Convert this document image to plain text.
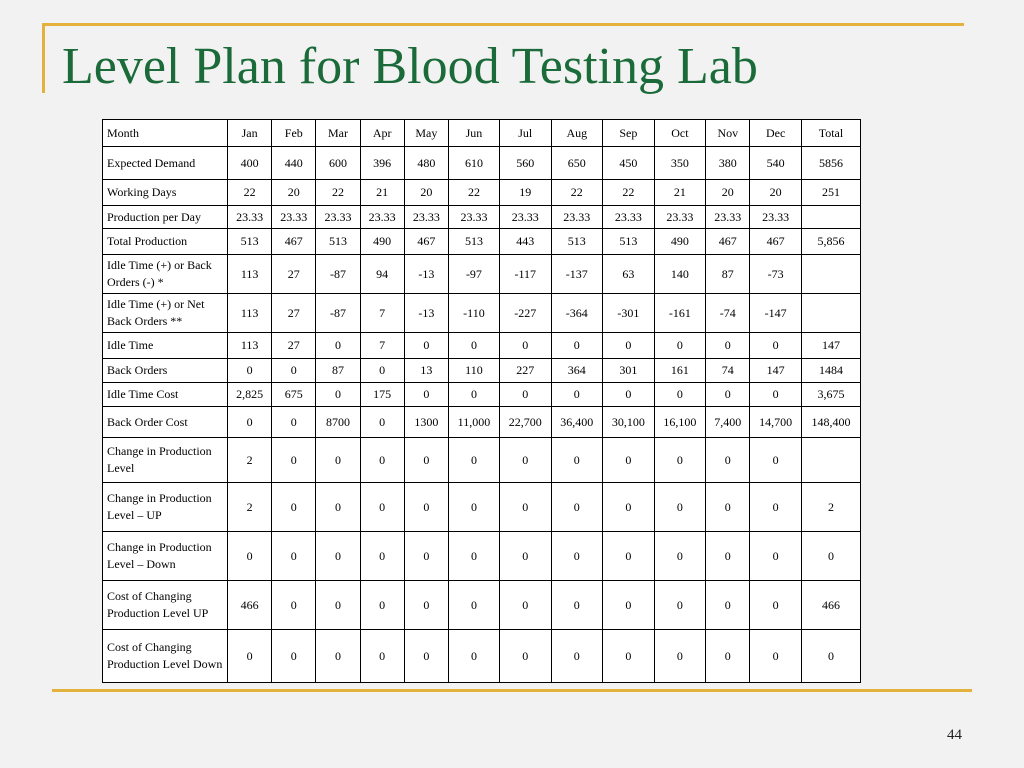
Level Plan for Blood Testing Lab
Month	Jan	Feb	Mar	Apr	May	Jun	Jul	Aug	Sep	Oct	Nov	Dec	Total
Expected Demand	400	440	600	396	480	610	560	650	450	350	380	540	5856
Working Days	22	20	22	21	20	22	19	22	22	21	20	20	251
Production per Day	23.33	23.33	23.33	23.33	23.33	23.33	23.33	23.33	23.33	23.33	23.33	23.33	
Total Production	513	467	513	490	467	513	443	513	513	490	467	467	5,856
Idle Time (+) or Back Orders (-) *	113	27	-87	94	-13	-97	-117	-137	63	140	87	-73	
Idle Time (+) or Net Back Orders **	113	27	-87	7	-13	-110	-227	-364	-301	-161	-74	-147	
Idle Time	113	27	0	7	0	0	0	0	0	0	0	0	147
Back Orders	0	0	87	0	13	110	227	364	301	161	74	147	1484
Idle Time Cost	2,825	675	0	175	0	0	0	0	0	0	0	0	3,675
Back Order Cost	0	0	8700	0	1300	11,000	22,700	36,400	30,100	16,100	7,400	14,700	148,400
Change in Production Level	2	0	0	0	0	0	0	0	0	0	0	0	
Change in Production Level – UP	2	0	0	0	0	0	0	0	0	0	0	0	2
Change in Production Level – Down	0	0	0	0	0	0	0	0	0	0	0	0	0
Cost of Changing Production Level UP	466	0	0	0	0	0	0	0	0	0	0	0	466
Cost of Changing Production Level Down	0	0	0	0	0	0	0	0	0	0	0	0	0
44
